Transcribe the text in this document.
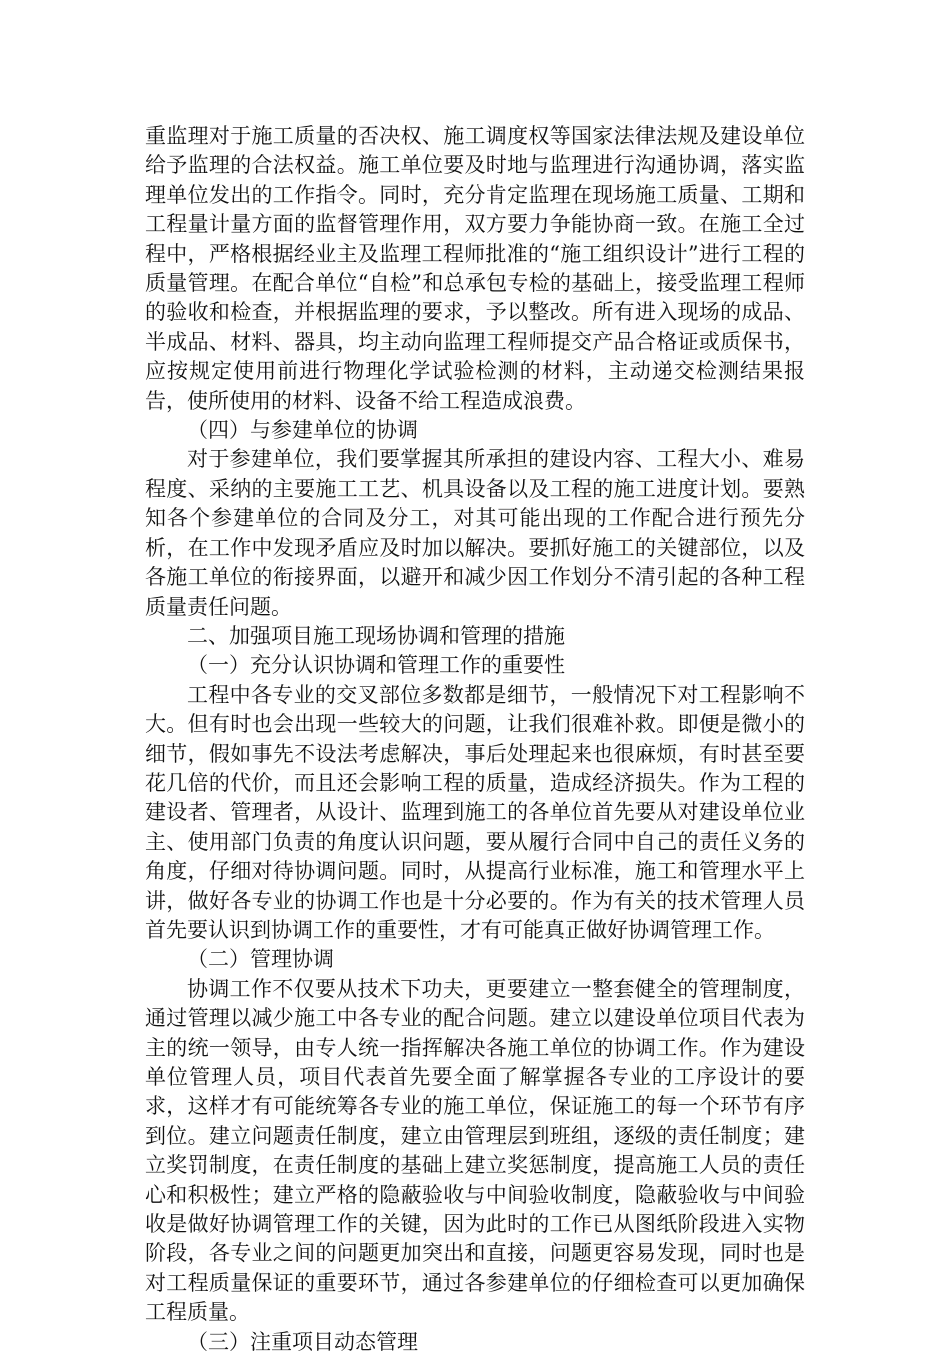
重监理对于施工质量的否决权、施工调度权等国家法律法规及建设单位给予监理的合法权益。施工单位要及时地与监理进行沟通协调，落实监理单位发出的工作指令。同时，充分肯定监理在现场施工质量、工期和工程量计量方面的监督管理作用，双方要力争能协商一致。在施工全过程中，严格根据经业主及监理工程师批准的“施工组织设计”进行工程的质量管理。在配合单位“自检”和总承包专检的基础上，接受监理工程师的验收和检查，并根据监理的要求，予以整改。所有进入现场的成品、半成品、材料、器具，均主动向监理工程师提交产品合格证或质保书，应按规定使用前进行物理化学试验检测的材料，主动递交检测结果报告，使所使用的材料、设备不给工程造成浪费。

（四）与参建单位的协调

对于参建单位，我们要掌握其所承担的建设内容、工程大小、难易程度、采纳的主要施工工艺、机具设备以及工程的施工进度计划。要熟知各个参建单位的合同及分工，对其可能出现的工作配合进行预先分析，在工作中发现矛盾应及时加以解决。要抓好施工的关键部位，以及各施工单位的衔接界面，以避开和减少因工作划分不清引起的各种工程质量责任问题。

二、加强项目施工现场协调和管理的措施

（一）充分认识协调和管理工作的重要性

工程中各专业的交叉部位多数都是细节，一般情况下对工程影响不大。但有时也会出现一些较大的问题，让我们很难补救。即便是微小的细节，假如事先不设法考虑解决，事后处理起来也很麻烦，有时甚至要花几倍的代价，而且还会影响工程的质量，造成经济损失。作为工程的建设者、管理者，从设计、监理到施工的各单位首先要从对建设单位业主、使用部门负责的角度认识问题，要从履行合同中自己的责任义务的角度，仔细对待协调问题。同时，从提高行业标准，施工和管理水平上讲，做好各专业的协调工作也是十分必要的。作为有关的技术管理人员首先要认识到协调工作的重要性，才有可能真正做好协调管理工作。

（二）管理协调

协调工作不仅要从技术下功夫，更要建立一整套健全的管理制度，通过管理以减少施工中各专业的配合问题。建立以建设单位项目代表为主的统一领导，由专人统一指挥解决各施工单位的协调工作。作为建设单位管理人员，项目代表首先要全面了解掌握各专业的工序设计的要求，这样才有可能统筹各专业的施工单位，保证施工的每一个环节有序到位。建立问题责任制度，建立由管理层到班组，逐级的责任制度；建立奖罚制度，在责任制度的基础上建立奖惩制度，提高施工人员的责任心和积极性；建立严格的隐蔽验收与中间验收制度，隐蔽验收与中间验收是做好协调管理工作的关键，因为此时的工作已从图纸阶段进入实物阶段，各专业之间的问题更加突出和直接，问题更容易发现，同时也是对工程质量保证的重要环节，通过各参建单位的仔细检查可以更加确保工程质量。

（三）注重项目动态管理
